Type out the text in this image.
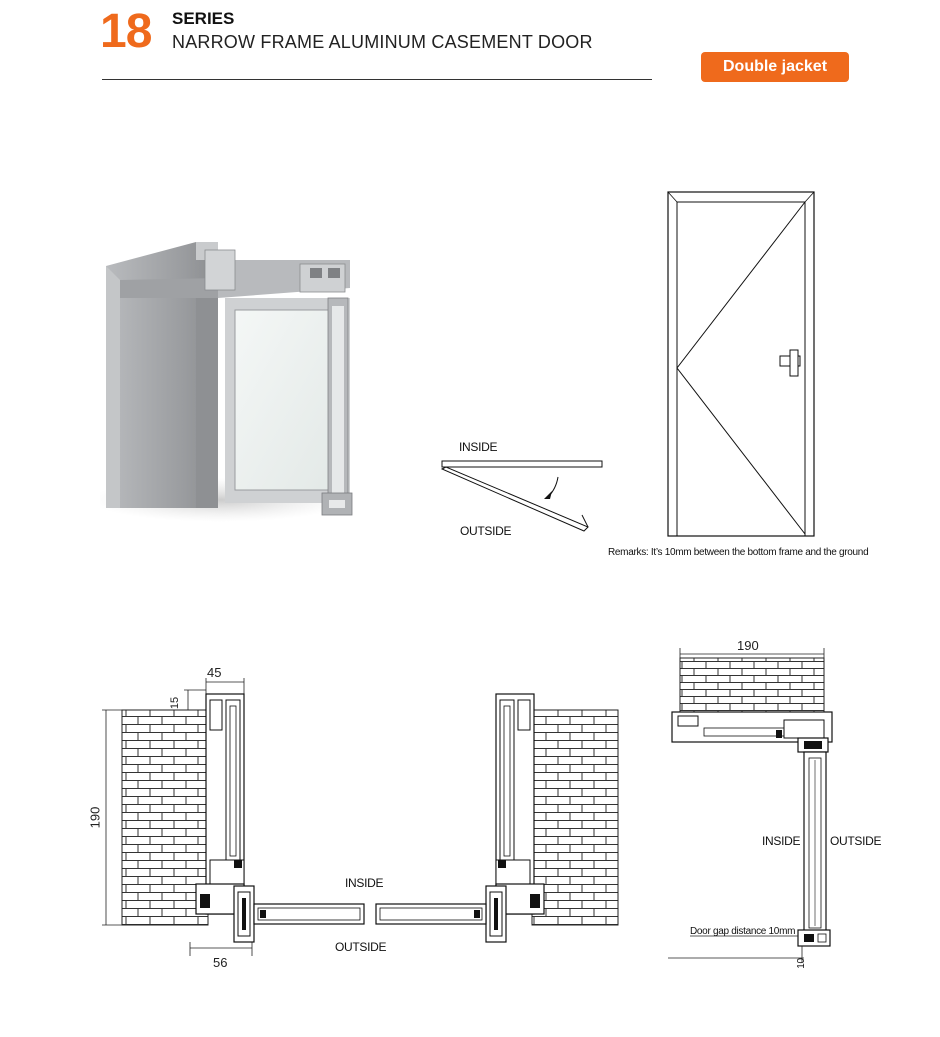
18 SERIES
NARROW FRAME ALUMINUM CASEMENT DOOR
Double jacket
INSIDE
OUTSIDE
Remarks: It’s 10mm between the bottom frame and the ground
45
15
190
56
INSIDE
OUTSIDE
190
INSIDE OUTSIDE
Door gap distance 10mm
10
